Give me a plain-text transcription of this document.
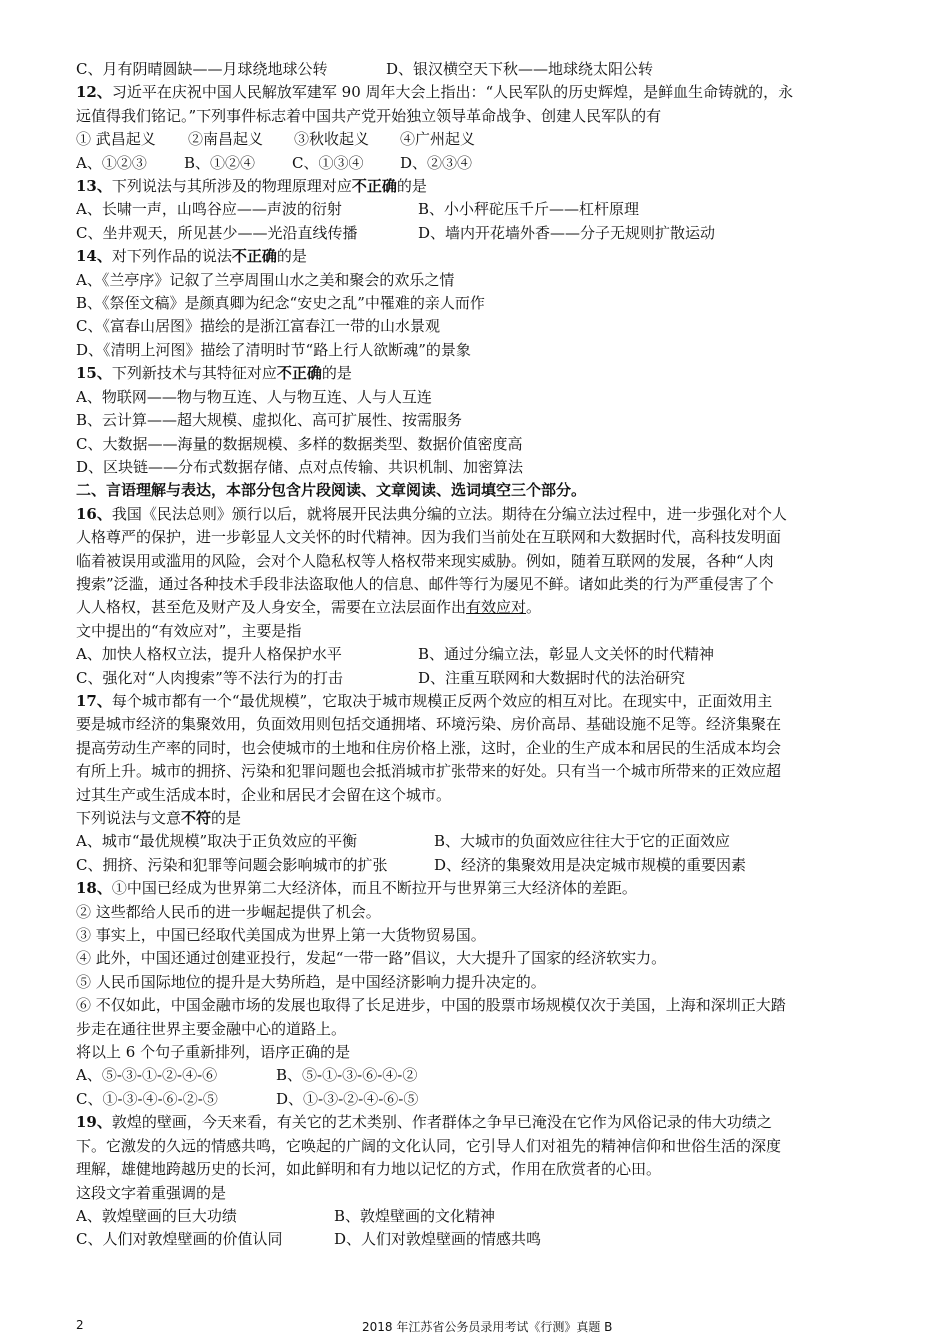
C、月有阴晴圆缺——月球绕地球公转	D、银汉横空天下秋——地球绕太阳公转
12、习近平在庆祝中国人民解放军建军 90 周年大会上指出：“人民军队的历史辉煌，是鲜血生命铸就的，永
远值得我们铭记。”下列事件标志着中国共产党开始独立领导革命战争、创建人民军队的有
① 武昌起义 ②南昌起义 ③秋收起义 ④广州起义
A、①②③ B、①②④ C、①③④ D、②③④
13、下列说法与其所涉及的物理原理对应不正确的是
A、长啸一声，山鸣谷应——声波的衍射	B、小小秤砣压千斤——杠杆原理
C、坐井观天，所见甚少——光沿直线传播	D、墙内开花墙外香——分子无规则扩散运动
14、对下列作品的说法不正确的是
A、《兰亭序》记叙了兰亭周围山水之美和聚会的欢乐之情
B、《祭侄文稿》是颜真卿为纪念“安史之乱”中罹难的亲人而作
C、《富春山居图》描绘的是浙江富春江一带的山水景观
D、《清明上河图》描绘了清明时节“路上行人欲断魂”的景象
15、下列新技术与其特征对应不正确的是
A、物联网——物与物互连、人与物互连、人与人互连
B、云计算——超大规模、虚拟化、高可扩展性、按需服务
C、大数据——海量的数据规模、多样的数据类型、数据价值密度高
D、区块链——分布式数据存储、点对点传输、共识机制、加密算法
二、言语理解与表达，本部分包含片段阅读、文章阅读、选词填空三个部分。
16、我国《民法总则》颁行以后，就将展开民法典分编的立法。期待在分编立法过程中，进一步强化对个人
人格尊严的保护，进一步彰显人文关怀的时代精神。因为我们当前处在互联网和大数据时代，高科技发明面
临着被误用或滥用的风险，会对个人隐私权等人格权带来现实威胁。例如，随着互联网的发展，各种“人肉
搜索”泛滥，通过各种技术手段非法盗取他人的信息、邮件等行为屡见不鲜。诸如此类的行为严重侵害了个
人人格权，甚至危及财产及人身安全，需要在立法层面作出有效应对。
文中提出的“有效应对”，主要是指
A、加快人格权立法，提升人格保护水平	B、通过分编立法，彰显人文关怀的时代精神
C、强化对“人肉搜索”等不法行为的打击	D、注重互联网和大数据时代的法治研究
17、每个城市都有一个“最优规模”，它取决于城市规模正反两个效应的相互对比。在现实中，正面效用主
要是城市经济的集聚效用，负面效用则包括交通拥堵、环境污染、房价高昂、基础设施不足等。经济集聚在
提高劳动生产率的同时，也会使城市的土地和住房价格上涨，这时，企业的生产成本和居民的生活成本均会
有所上升。城市的拥挤、污染和犯罪问题也会抵消城市扩张带来的好处。只有当一个城市所带来的正效应超
过其生产或生活成本时，企业和居民才会留在这个城市。
下列说法与文意不符的是
A、城市“最优规模”取决于正负效应的平衡	B、大城市的负面效应往往大于它的正面效应
C、拥挤、污染和犯罪等问题会影响城市的扩张	D、经济的集聚效用是决定城市规模的重要因素
18、①中国已经成为世界第二大经济体，而且不断拉开与世界第三大经济体的差距。
② 这些都给人民币的进一步崛起提供了机会。
③ 事实上，中国已经取代美国成为世界上第一大货物贸易国。
④ 此外，中国还通过创建亚投行，发起“一带一路”倡议，大大提升了国家的经济软实力。
⑤ 人民币国际地位的提升是大势所趋，是中国经济影响力提升决定的。
⑥ 不仅如此，中国金融市场的发展也取得了长足进步，中国的股票市场规模仅次于美国，上海和深圳正大踏
步走在通往世界主要金融中心的道路上。
将以上 6 个句子重新排列，语序正确的是
A、⑤-③-①-②-④-⑥	B、⑤-①-③-⑥-④-②
C、①-③-④-⑥-②-⑤	D、①-③-②-④-⑥-⑤
19、敦煌的壁画，今天来看，有关它的艺术类别、作者群体之争早已淹没在它作为风俗记录的伟大功绩之
下。它激发的久远的情感共鸣，它唤起的广阔的文化认同，它引导人们对祖先的精神信仰和世俗生活的深度
理解，雄健地跨越历史的长河，如此鲜明和有力地以记忆的方式，作用在欣赏者的心田。
这段文字着重强调的是
A、敦煌壁画的巨大功绩	B、敦煌壁画的文化精神
C、人们对敦煌壁画的价值认同	D、人们对敦煌壁画的情感共鸣
2	2018 年江苏省公务员录用考试《行测》真题 B
